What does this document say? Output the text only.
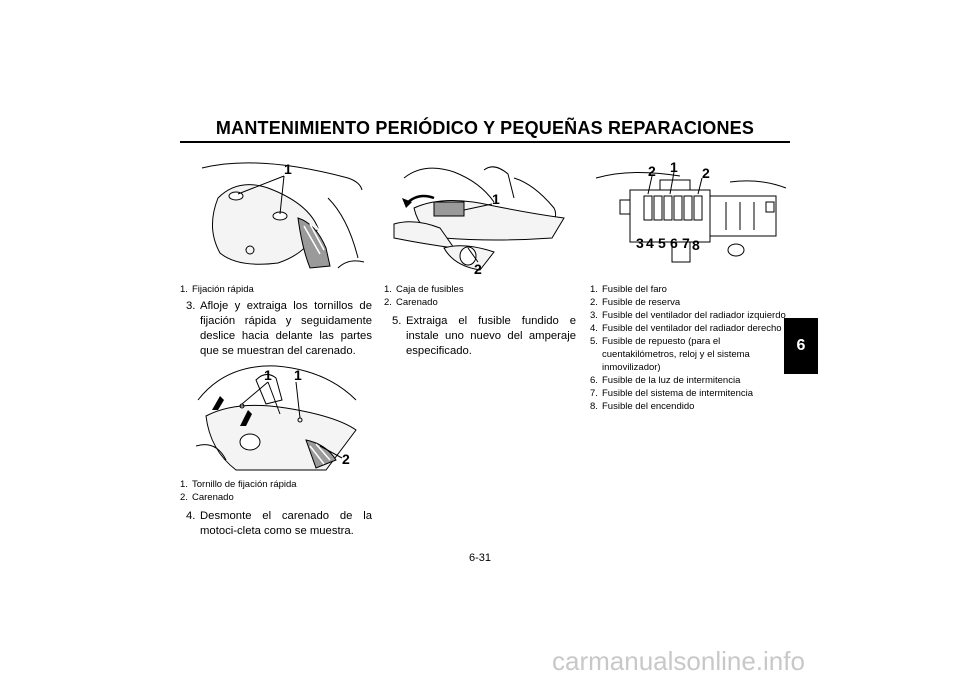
MANTENIMIENTO PERIÓDICO Y PEQUEÑAS REPARACIONES
6
1
1. Fijación rápida
3. Afloje y extraiga los tornillos de fijación rápida y seguidamente deslice hacia delante las partes que se muestran del carenado.
1 1
2
1. Tornillo de fijación rápida
2. Carenado
4. Desmonte el carenado de la motoci-cleta como se muestra.
1
2
1. Caja de fusibles
2. Carenado
5. Extraiga el fusible fundido e instale uno nuevo del amperaje especificado.
2 1 2
3 4 5 6 7 8
1. Fusible del faro
2. Fusible de reserva
3. Fusible del ventilador del radiador izquierdo
4. Fusible del ventilador del radiador derecho
5. Fusible de repuesto (para el cuentakilómetros, reloj y el sistema inmovilizador)
6. Fusible de la luz de intermitencia
7. Fusible del sistema de intermitencia
8. Fusible del encendido
6-31
carmanualsonline.info
